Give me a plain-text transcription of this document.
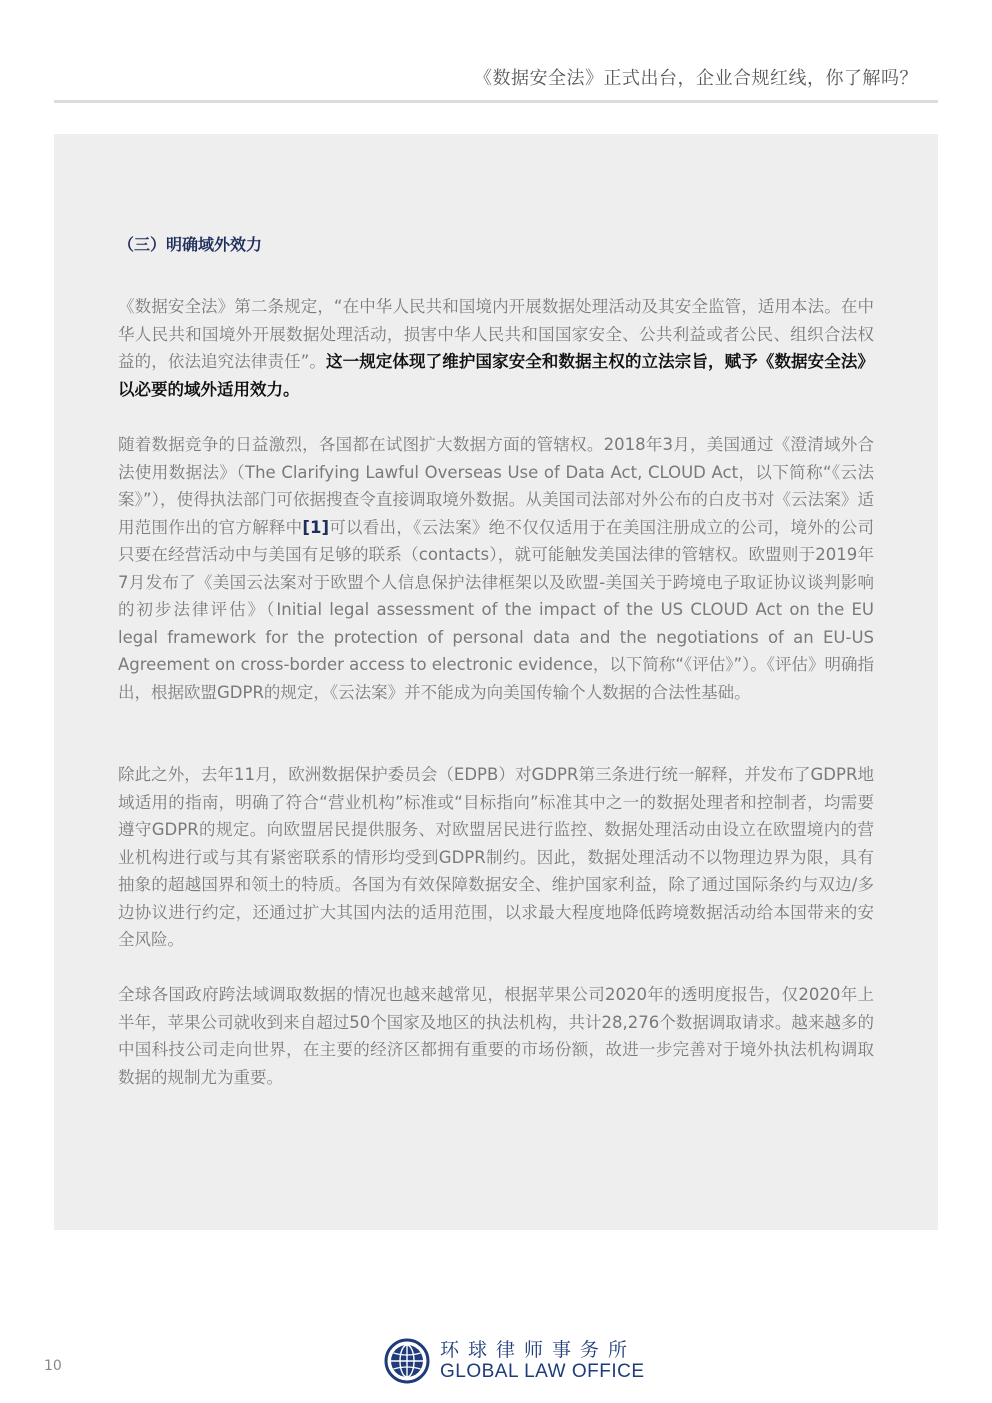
《数据安全法》正式出台，企业合规红线，你了解吗？
（三）明确域外效力

《数据安全法》第二条规定，“在中华人民共和国境内开展数据处理活动及其安全监管，适用本法。在中华人民共和国境外开展数据处理活动，损害中华人民共和国国家安全、公共利益或者公民、组织合法权益的，依法追究法律责任”。这一规定体现了维护国家安全和数据主权的立法宗旨，赋予《数据安全法》以必要的域外适用效力。

随着数据竞争的日益激烈，各国都在试图扩大数据方面的管辖权。2018年3月，美国通过《澄清域外合法使用数据法》（The Clarifying Lawful Overseas Use of Data Act, CLOUD Act，以下简称“《云法案》”），使得执法部门可依据搜查令直接调取境外数据。从美国司法部对外公布的白皮书对《云法案》适用范围作出的官方解释中[1]可以看出，《云法案》绝不仅仅适用于在美国注册成立的公司，境外的公司只要在经营活动中与美国有足够的联系（contacts），就可能触发美国法律的管辖权。欧盟则于2019年7月发布了《美国云法案对于欧盟个人信息保护法律框架以及欧盟-美国关于跨境电子取证协议谈判影响的初步法律评估》（Initial legal assessment of the impact of the US CLOUD Act on the EU legal framework for the protection of personal data and the negotiations of an EU-US Agreement on cross-border access to electronic evidence，以下简称“《评估》”）。《评估》明确指出，根据欧盟GDPR的规定，《云法案》并不能成为向美国传输个人数据的合法性基础。

除此之外，去年11月，欧洲数据保护委员会（EDPB）对GDPR第三条进行统一解释，并发布了GDPR地域适用的指南，明确了符合“营业机构”标准或“目标指向”标准其中之一的数据处理者和控制者，均需要遵守GDPR的规定。向欧盟居民提供服务、对欧盟居民进行监控、数据处理活动由设立在欧盟境内的营业机构进行或与其有紧密联系的情形均受到GDPR制约。因此，数据处理活动不以物理边界为限，具有抽象的超越国界和领土的特质。各国为有效保障数据安全、维护国家利益，除了通过国际条约与双边/多边协议进行约定，还通过扩大其国内法的适用范围，以求最大程度地降低跨境数据活动给本国带来的安全风险。

全球各国政府跨法域调取数据的情况也越来越常见，根据苹果公司2020年的透明度报告，仅2020年上半年，苹果公司就收到来自超过50个国家及地区的执法机构，共计28,276个数据调取请求。越来越多的中国科技公司走向世界，在主要的经济区都拥有重要的市场份额，故进一步完善对于境外执法机构调取数据的规制尤为重要。

10
环球律师事务所
GLOBAL LAW OFFICE
